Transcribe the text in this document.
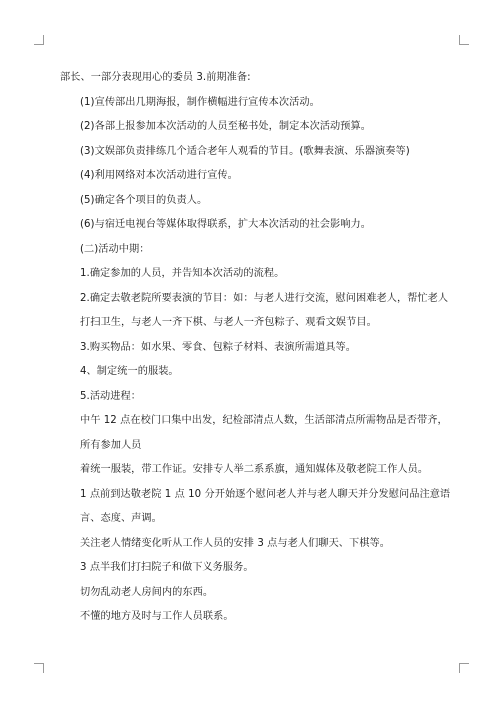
部长、一部分表现用心的委员 3.前期准备:

(1)宣传部出几期海报，制作横幅进行宣传本次活动。

(2)各部上报参加本次活动的人员至秘书处，制定本次活动预算。

(3)文娱部负责排练几个适合老年人观看的节目。(歌舞表演、乐器演奏等)

(4)利用网络对本次活动进行宣传。

(5)确定各个项目的负责人。

(6)与宿迁电视台等媒体取得联系，扩大本次活动的社会影响力。

(二)活动中期：

1.确定参加的人员，并告知本次活动的流程。

2.确定去敬老院所要表演的节目：如：与老人进行交流，慰问困难老人，帮忙老人打扫卫生，与老人一齐下棋、与老人一齐包粽子、观看文娱节目。

3.购买物品：如水果、零食、包粽子材料、表演所需道具等。

4、制定统一的服装。

5.活动进程：

中午 12 点在校门口集中出发，纪检部清点人数，生活部清点所需物品是否带齐，所有参加人员

着统一服装，带工作证。安排专人举二系系旗，通知媒体及敬老院工作人员。

1 点前到达敬老院 1 点 10 分开始逐个慰问老人并与老人聊天并分发慰问品注意语言、态度、声调。

关注老人情绪变化听从工作人员的安排 3 点与老人们聊天、下棋等。

3 点半我们打扫院子和做下义务服务。

切勿乱动老人房间内的东西。

不懂的地方及时与工作人员联系。
